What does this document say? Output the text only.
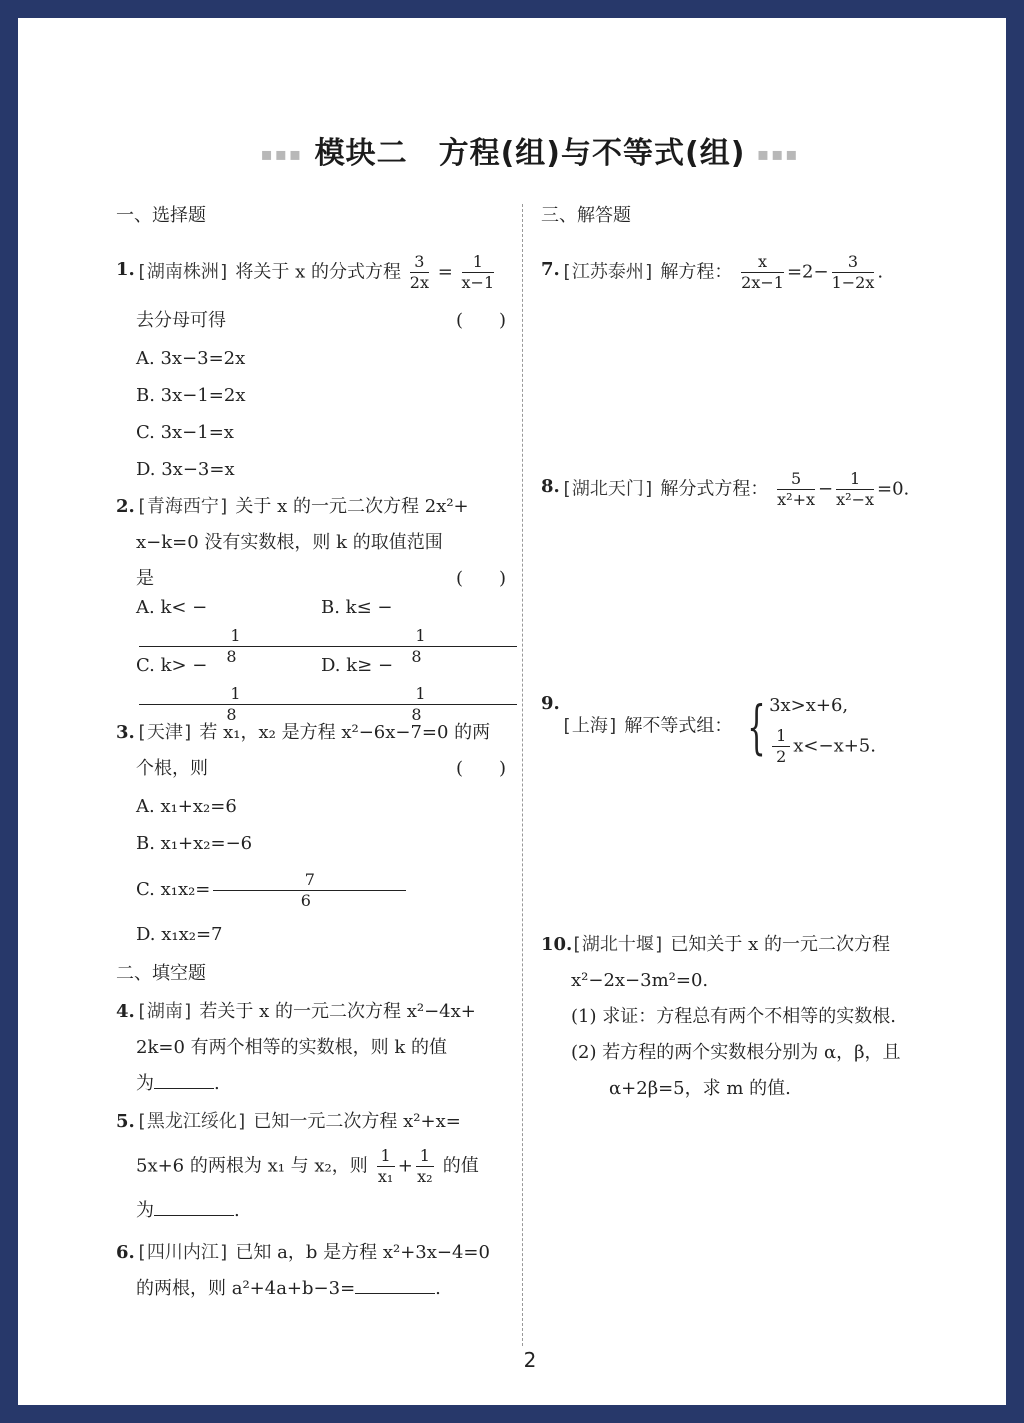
▪▪▪ 模块二　方程(组)与不等式(组) ▪▪▪
一、选择题
1. [湖南株洲] 将关于 x 的分式方程 $\frac{3}{2x} = \frac{1}{x-1}$
去分母可得	(　　)
A. 3x−3=2x
B. 3x−1=2x
C. 3x−1=x
D. 3x−3=x
2. [青海西宁] 关于 x 的一元二次方程 2x²+
x−k=0 没有实数根，则 k 的取值范围
是	(　　)
A. k< −
$\frac{1}{8}$
B. k≤ −
$\frac{1}{8}$
C. k> −
$\frac{1}{8}$
D. k≥ −
$\frac{1}{8}$
3. [天津] 若 x₁，x₂ 是方程 x²−6x−7=0 的两
个根，则	(　　)
A. x₁+x₂=6
B. x₁+x₂=−6
C. $x_1x_2= \frac{7}{6}$
D. x₁x₂=7
二、填空题
4. [湖南] 若关于 x 的一元二次方程 x²−4x+
2k=0 有两个相等的实数根，则 k 的值
为	.
5. [黑龙江绥化] 已知一元二次方程 x²+x=
5x+6 的两根为 x₁ 与 x₂，则 $\frac{1}{\text{x₁}} + \frac{1}{\text{x₂}}$ 的值
为	.
6. [四川内江] 已知 a，b 是方程 x²+3x−4=0
的两根，则 a²+4a+b−3=	.
三、解答题
7. [江苏泰州] 解方程： $\frac{x}{2x-1} =2- \frac{3}{1-2x}$ .
8. [湖北天门] 解分式方程： $\frac{5}{\text{x²+x}} - \frac{1}{\text{x²−x}} =0$.
9.
[上海] 解不等式组： { 3x>x+6,
$\frac{1}{2} x<-x+5$.
10.
[湖北十堰] 已知关于 x 的一元二次方程
x²−2x−3m²=0.
(1) 求证：方程总有两个不相等的实数根.
(2) 若方程的两个实数根分别为 α，β，且
α+2β=5，求 m 的值.
2
